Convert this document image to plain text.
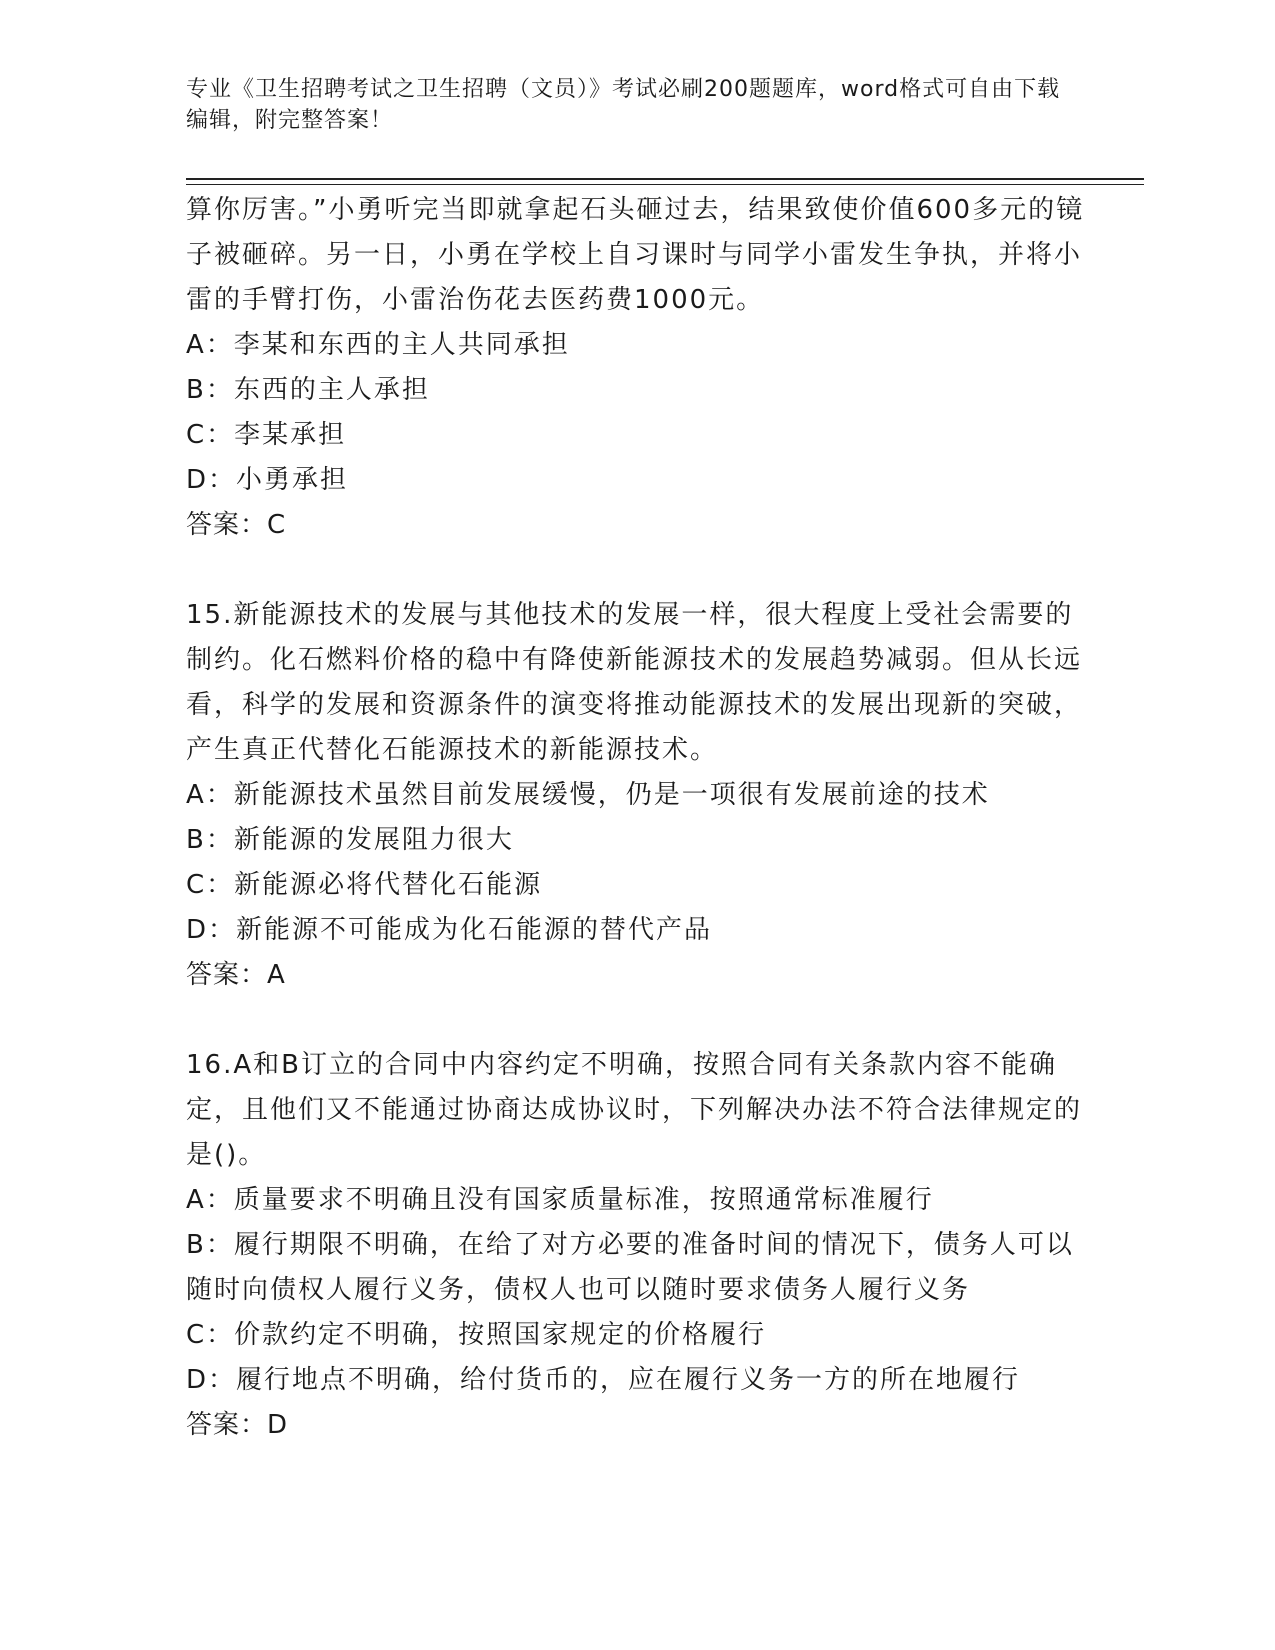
专业《卫生招聘考试之卫生招聘（文员）》考试必刷200题题库，word格式可自由下载编辑，附完整答案！

算你厉害。”小勇听完当即就拿起石头砸过去，结果致使价值600多元的镜子被砸碎。另一日，小勇在学校上自习课时与同学小雷发生争执，并将小雷的手臂打伤，小雷治伤花去医药费1000元。

A：李某和东西的主人共同承担

B：东西的主人承担

C：李某承担

D：小勇承担

答案：C

15.新能源技术的发展与其他技术的发展一样，很大程度上受社会需要的制约。化石燃料价格的稳中有降使新能源技术的发展趋势减弱。但从长远看，科学的发展和资源条件的演变将推动能源技术的发展出现新的突破，产生真正代替化石能源技术的新能源技术。

A：新能源技术虽然目前发展缓慢，仍是一项很有发展前途的技术

B：新能源的发展阻力很大

C：新能源必将代替化石能源

D：新能源不可能成为化石能源的替代产品

答案：A

16.A和B订立的合同中内容约定不明确，按照合同有关条款内容不能确定，且他们又不能通过协商达成协议时，下列解决办法不符合法律规定的是()。

A：质量要求不明确且没有国家质量标准，按照通常标准履行

B：履行期限不明确，在给了对方必要的准备时间的情况下，债务人可以随时向债权人履行义务，债权人也可以随时要求债务人履行义务

C：价款约定不明确，按照国家规定的价格履行

D：履行地点不明确，给付货币的，应在履行义务一方的所在地履行

答案：D
